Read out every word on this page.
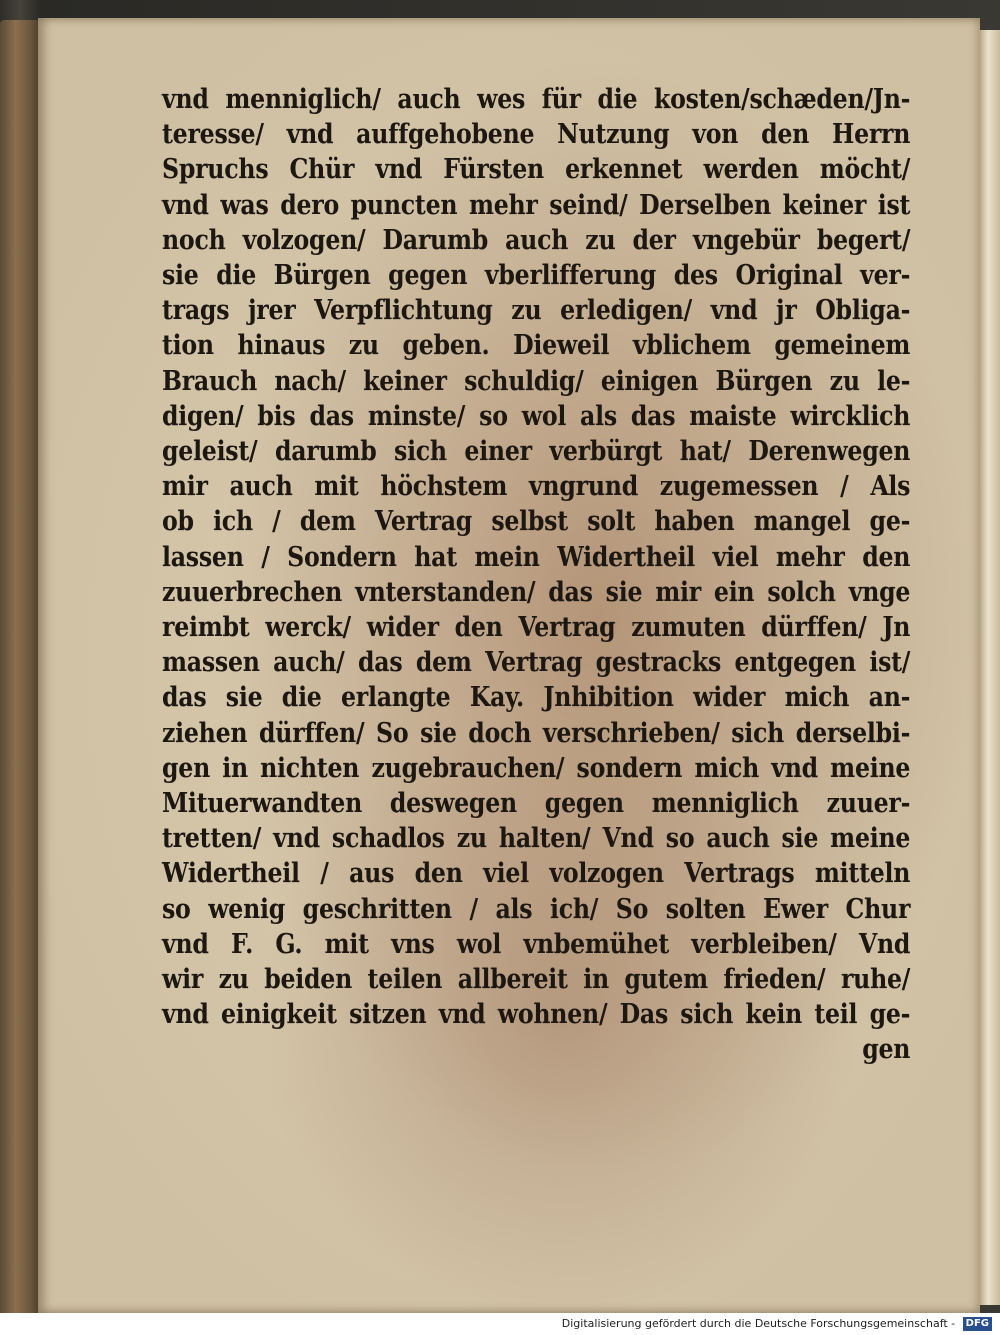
vnd menniglich/ auch wes für die kosten/schæden/Jn-
teresse/ vnd auffgehobene Nutzung von den Herrn
Spruchs Chür vnd Fürsten erkennet werden möcht/
vnd was dero puncten mehr seind/ Derselben keiner ist
noch volzogen/ Darumb auch zu der vngebür begert/
sie die Bürgen gegen vberlifferung des Original ver-
trags jrer Verpflichtung zu erledigen/ vnd jr Obliga-
tion hinaus zu geben. Dieweil vblichem gemeinem
Brauch nach/ keiner schuldig/ einigen Bürgen zu le-
digen/ bis das minste/ so wol als das maiste wircklich
geleist/ darumb sich einer verbürgt hat/ Derenwegen
mir auch mit höchstem vngrund zugemessen / Als
ob ich / dem Vertrag selbst solt haben mangel ge-
lassen / Sondern hat mein Widertheil viel mehr den
zuuerbrechen vnterstanden/ das sie mir ein solch vnge
reimbt werck/ wider den Vertrag zumuten dürffen/ Jn
massen auch/ das dem Vertrag gestracks entgegen ist/
das sie die erlangte Kay. Jnhibition wider mich an-
ziehen dürffen/ So sie doch verschrieben/ sich derselbi-
gen in nichten zugebrauchen/ sondern mich vnd meine
Mituerwandten deswegen gegen menniglich zuuer-
tretten/ vnd schadlos zu halten/ Vnd so auch sie meine
Widertheil / aus den viel volzogen Vertrags mitteln
so wenig geschritten / als ich/ So solten Ewer Chur
vnd F. G. mit vns wol vnbemühet verbleiben/ Vnd
wir zu beiden teilen allbereit in gutem frieden/ ruhe/
vnd einigkeit sitzen vnd wohnen/ Das sich kein teil ge-
gen
Digitalisierung gefördert durch die Deutsche Forschungsgemeinschaft - DFG
